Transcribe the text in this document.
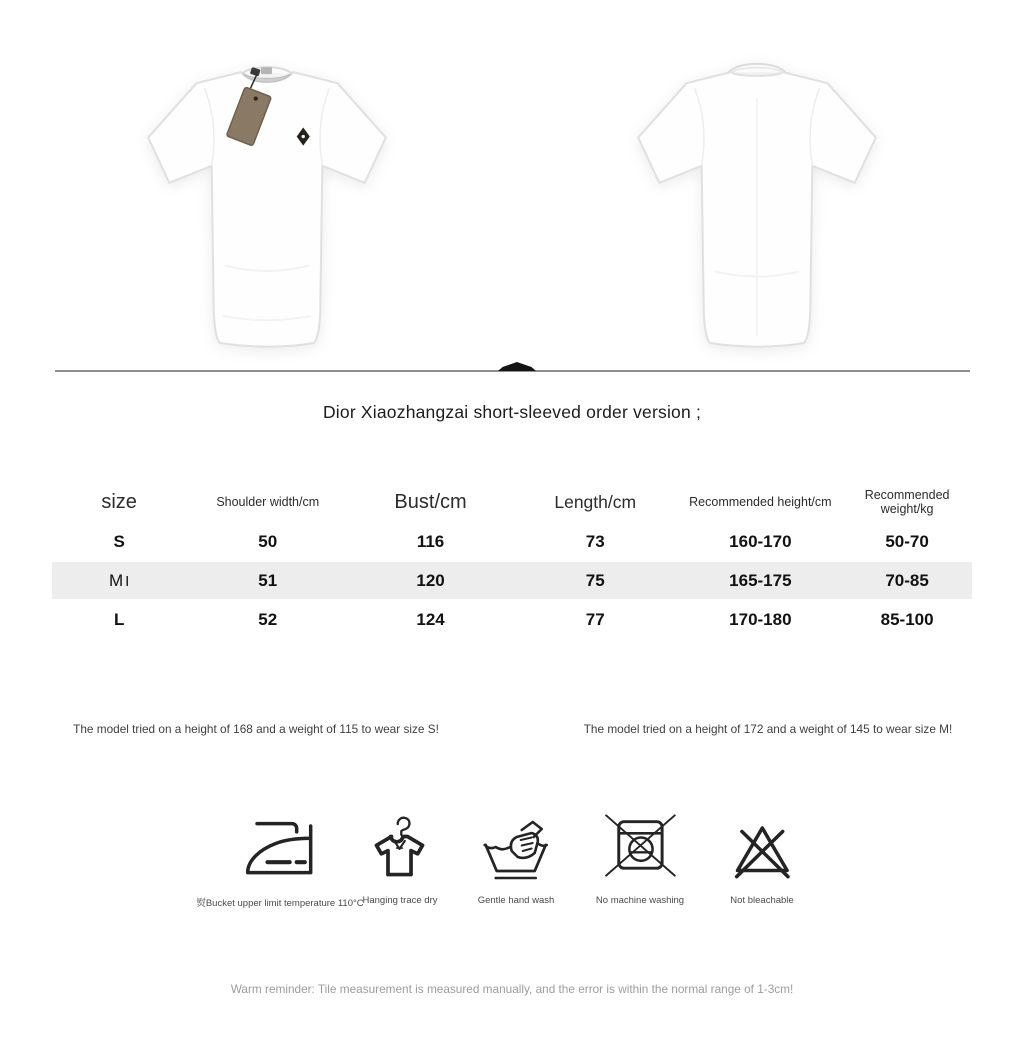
Dior Xiaozhangzai short-sleeved order version ;
size	Shoulder width/cm	Bust/cm	Length/cm	Recommended height/cm	Recommended weight/kg
S	50	116	73	160-170	50-70
M I	51	120	75	165-175	70-85
L	52	124	77	170-180	85-100
The model tried on a height of 168 and a weight of 115 to wear size S!	The model tried on a height of 172 and a weight of 145 to wear size M!
熨Bucket upper limit temperature 110°C
Hanging trace dry	Gentle hand wash	No machine washing	Not bleachable
Warm reminder: Tile measurement is measured manually, and the error is within the normal range of 1-3cm!
